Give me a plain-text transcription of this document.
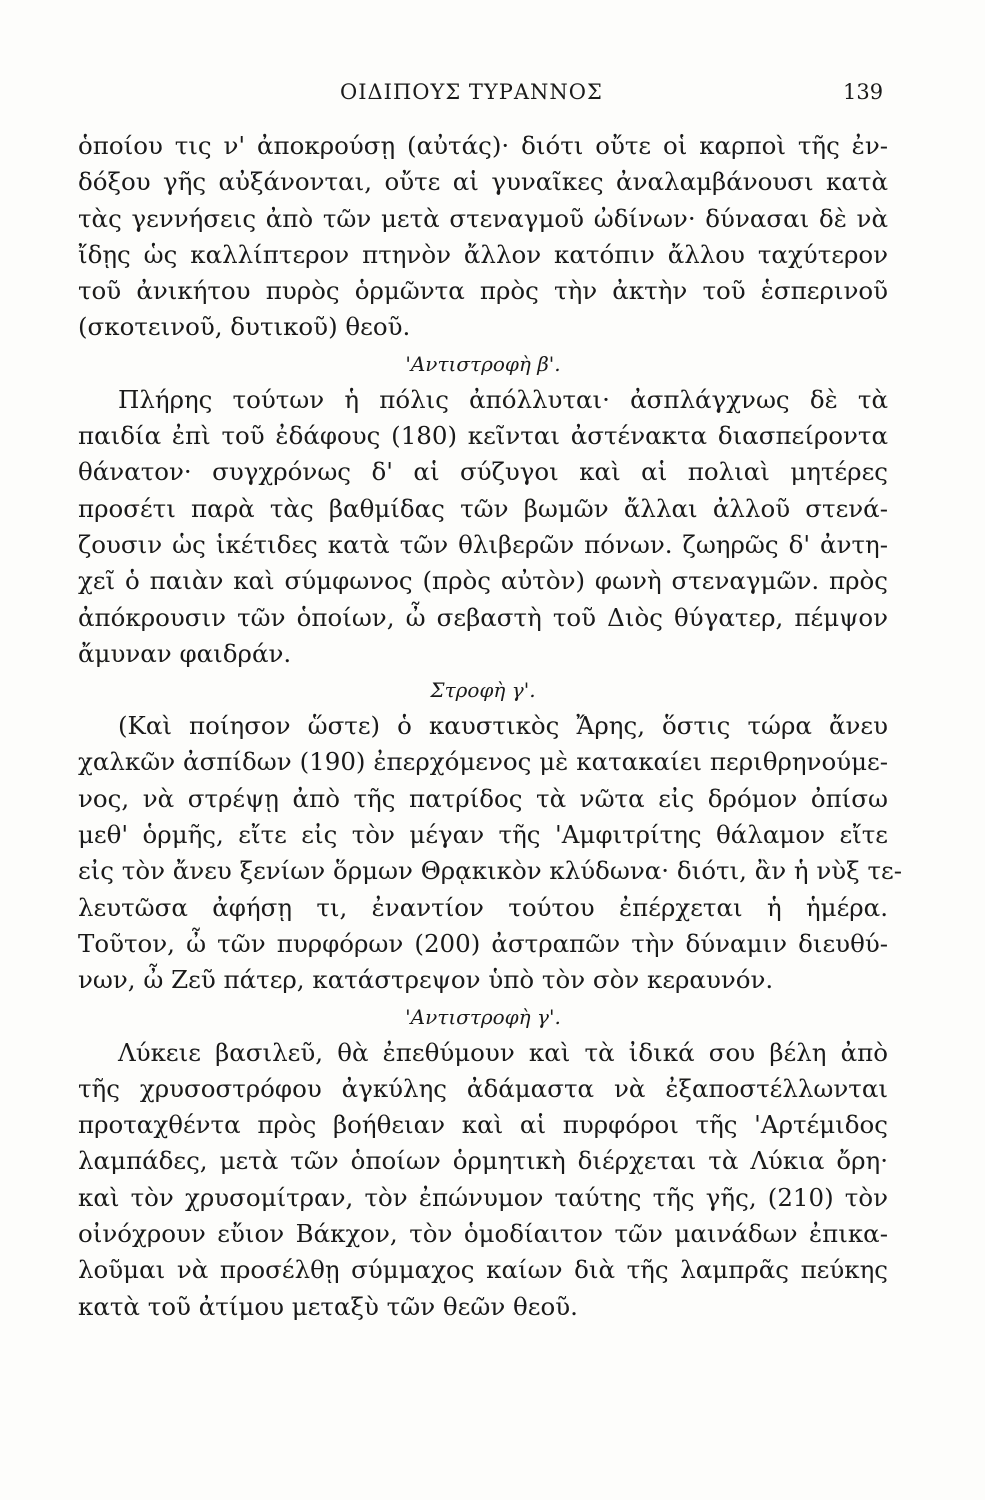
ΟΙΔΙΠΟΥΣ ΤΥΡΑΝΝΟΣ	139
ὁποίου τις ν' ἀποκρούσῃ (αὐτάς)· διότι οὔτε οἱ καρποὶ τῆς ἐν-
δόξου γῆς αὐξάνονται, οὔτε αἱ γυναῖκες ἀναλαμβάνουσι κατὰ
τὰς γεννήσεις ἀπὸ τῶν μετὰ στεναγμοῦ ὠδίνων· δύνασαι δὲ νὰ
ἴδῃς ὡς καλλίπτερον πτηνὸν ἄλλον κατόπιν ἄλλου ταχύτερον
τοῦ ἀνικήτου πυρὸς ὁρμῶντα πρὸς τὴν ἀκτὴν τοῦ ἑσπερινοῦ
(σκοτεινοῦ, δυτικοῦ) θεοῦ.
'Αντιστροφὴ β'.
Πλήρης τούτων ἡ πόλις ἀπόλλυται· ἀσπλάγχνως δὲ τὰ
παιδία ἐπὶ τοῦ ἐδάφους (180) κεῖνται ἀστένακτα διασπείροντα
θάνατον· συγχρόνως δ' αἱ σύζυγοι καὶ αἱ πολιαὶ μητέρες
προσέτι παρὰ τὰς βαθμίδας τῶν βωμῶν ἄλλαι ἀλλοῦ στενά-
ζουσιν ὡς ἱκέτιδες κατὰ τῶν θλιβερῶν πόνων. ζωηρῶς δ' ἀντη-
χεῖ ὁ παιὰν καὶ σύμφωνος (πρὸς αὐτὸν) φωνὴ στεναγμῶν. πρὸς
ἀπόκρουσιν τῶν ὁποίων, ὦ σεβαστὴ τοῦ Διὸς θύγατερ, πέμψον
ἄμυναν φαιδράν.
Στροφὴ γ'.
(Καὶ ποίησον ὥστε) ὁ καυστικὸς Ἄρης, ὅστις τώρα ἄνευ
χαλκῶν ἀσπίδων (190) ἐπερχόμενος μὲ κατακαίει περιθρηνούμε-
νος, νὰ στρέψῃ ἀπὸ τῆς πατρίδος τὰ νῶτα εἰς δρόμον ὀπίσω
μεθ' ὁρμῆς, εἴτε εἰς τὸν μέγαν τῆς 'Αμφιτρίτης θάλαμον εἴτε
εἰς τὸν ἄνευ ξενίων ὅρμων Θρᾳκικὸν κλύδωνα· διότι, ἂν ἡ νὺξ τε-
λευτῶσα ἀφήσῃ τι, ἐναντίον τούτου ἐπέρχεται ἡ ἡμέρα.
Τοῦτον, ὦ τῶν πυρφόρων (200) ἀστραπῶν τὴν δύναμιν διευθύ-
νων, ὦ Ζεῦ πάτερ, κατάστρεψον ὑπὸ τὸν σὸν κεραυνόν.
'Αντιστροφὴ γ'.
Λύκειε βασιλεῦ, θὰ ἐπεθύμουν καὶ τὰ ἰδικά σου βέλη ἀπὸ
τῆς χρυσοστρόφου ἀγκύλης ἀδάμαστα νὰ ἐξαποστέλλωνται
προταχθέντα πρὸς βοήθειαν καὶ αἱ πυρφόροι τῆς 'Αρτέμιδος
λαμπάδες, μετὰ τῶν ὁποίων ὁρμητικὴ διέρχεται τὰ Λύκια ὄρη·
καὶ τὸν χρυσομίτραν, τὸν ἐπώνυμον ταύτης τῆς γῆς, (210) τὸν
οἰνόχρουν εὔιον Βάκχον, τὸν ὁμοδίαιτον τῶν μαινάδων ἐπικα-
λοῦμαι νὰ προσέλθῃ σύμμαχος καίων διὰ τῆς λαμπρᾶς πεύκης
κατὰ τοῦ ἀτίμου μεταξὺ τῶν θεῶν θεοῦ.
